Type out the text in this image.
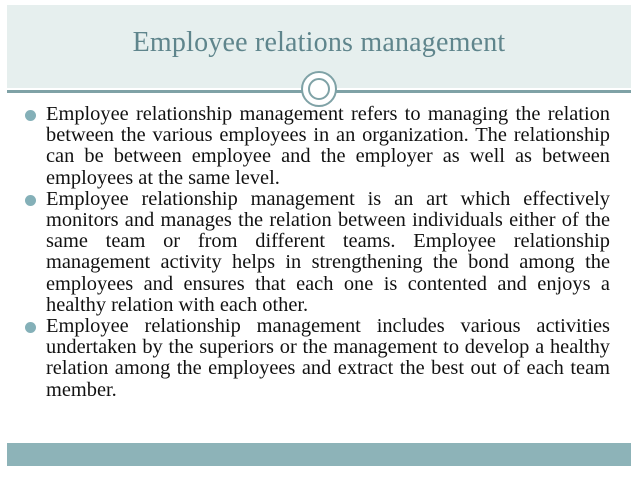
Employee relations management

Employee relationship management refers to managing the relation between the various employees in an organization. The relationship can be between employee and the employer as well as between employees at the same level.

Employee relationship management is an art which effectively monitors and manages the relation between individuals either of the same team or from different teams. Employee relationship management activity helps in strengthening the bond among the employees and ensures that each one is contented and enjoys a healthy relation with each other.

Employee relationship management includes various activities undertaken by the superiors or the management to develop a healthy relation among the employees and extract the best out of each team member.
